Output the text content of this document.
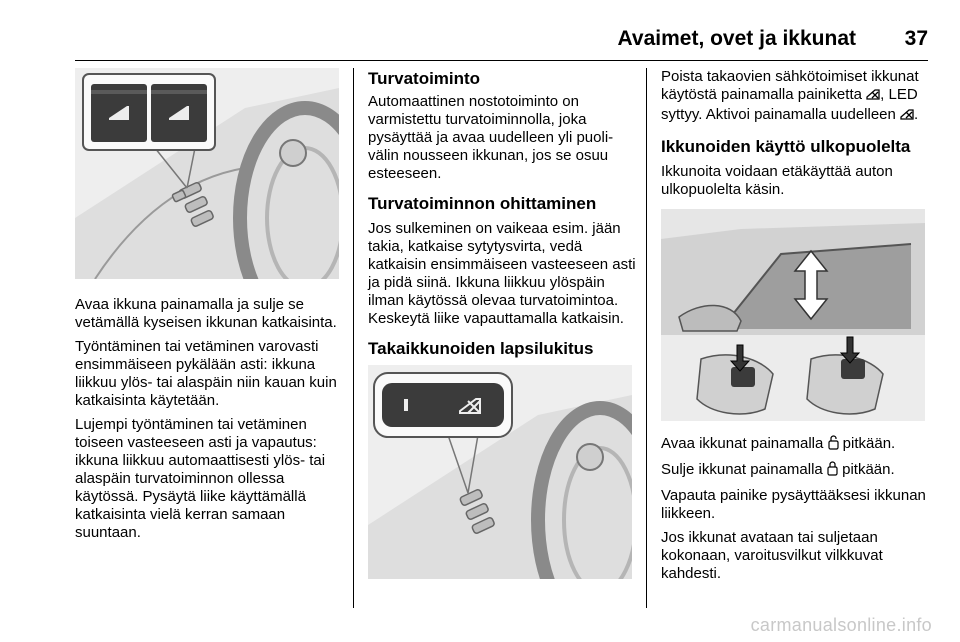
Avaimet, ovet ja ikkunat 37

Avaa ikkuna painamalla ja sulje se vetämällä kyseisen ikkunan katkaisinta.

Työntäminen tai vetäminen varovasti ensimmäiseen pykälään asti: ikkuna liikkuu ylös- tai alaspäin niin kauan kuin katkaisinta käytetään.

Lujempi työntäminen tai vetäminen toiseen vasteeseen asti ja vapautus: ikkuna liikkuu automaattisesti ylös- tai alaspäin turvatoiminnon ollessa käytössä. Pysäytä liike käyttämällä katkaisinta vielä kerran samaan suuntaan.

Turvatoiminto

Automaattinen nostotoiminto on varmistettu turvatoiminnolla, joka pysäyttää ja avaa uudelleen yli puolivälin nousseen ikkunan, jos se osuu esteeseen.

Turvatoiminnon ohittaminen

Jos sulkeminen on vaikeaa esim. jään takia, katkaise sytytysvirta, vedä katkaisin ensimmäiseen vasteeseen asti ja pidä siinä. Ikkuna liikkuu ylöspäin ilman käytössä olevaa turvatoimintoa. Keskeytä liike vapauttamalla katkaisin.

Takaikkunoiden lapsilukitus

Poista takaovien sähkötoimiset ikkunat käytöstä painamalla painiketta , LED syttyy. Aktivoi painamalla uudelleen .

Ikkunoiden käyttö ulkopuolelta

Ikkunoita voidaan etäkäyttää auton ulkopuolelta käsin.

Avaa ikkunat painamalla pitkään.

Sulje ikkunat painamalla pitkään.

Vapauta painike pysäyttääksesi ikkunan liikkeen.

Jos ikkunat avataan tai suljetaan kokonaan, varoitusvilkut vilkkuvat kahdesti.

carmanualsonline.info
